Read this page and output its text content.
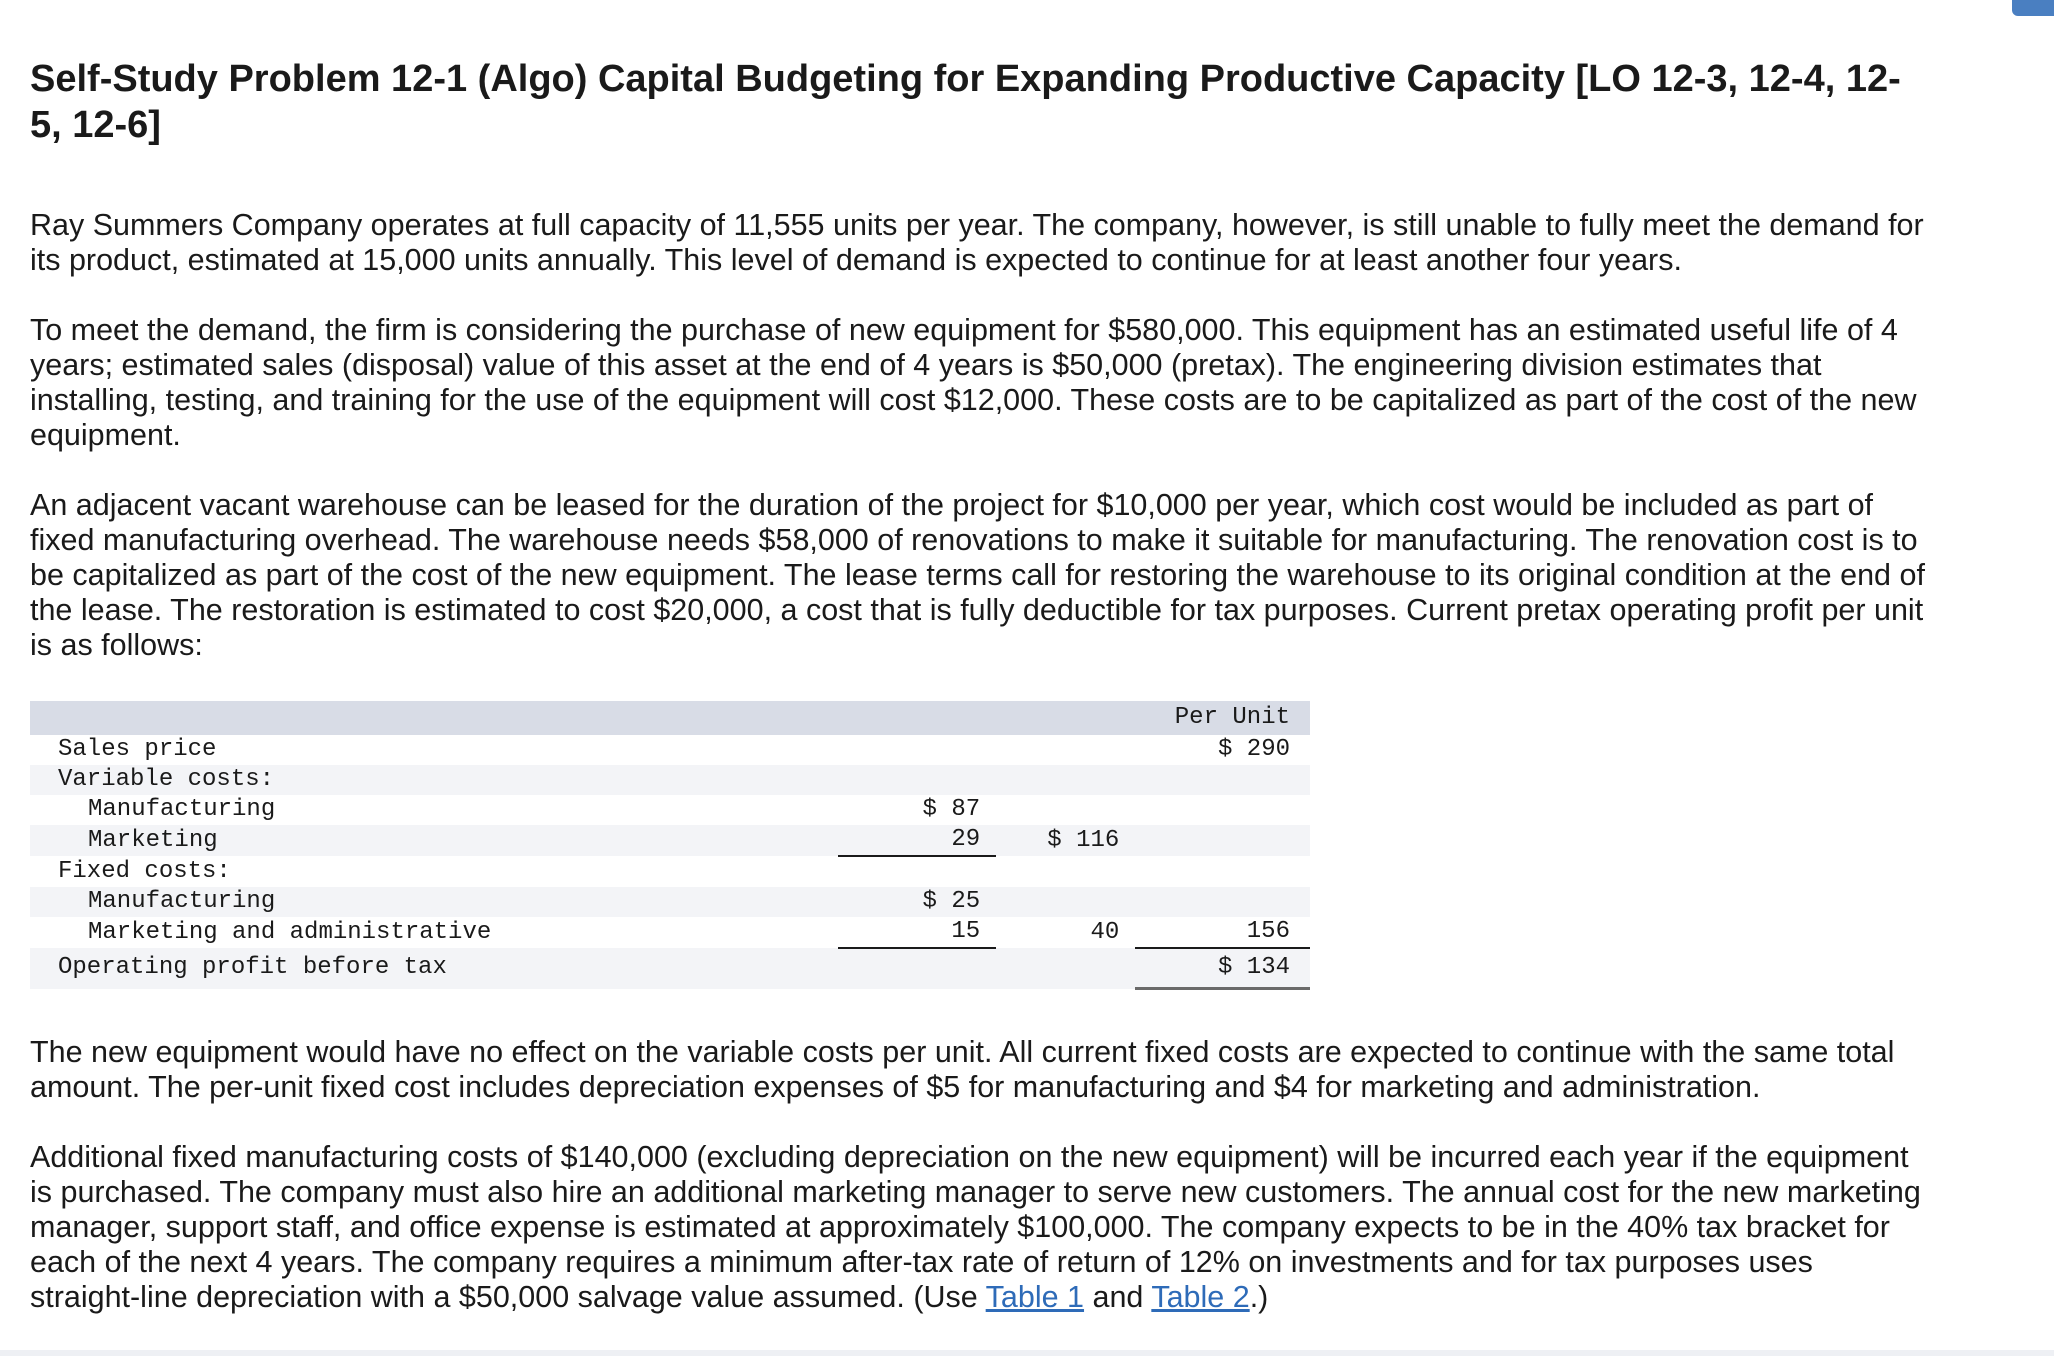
Self-Study Problem 12-1 (Algo) Capital Budgeting for Expanding Productive Capacity [LO 12-3, 12-4, 12-5, 12-6]

Ray Summers Company operates at full capacity of 11,555 units per year. The company, however, is still unable to fully meet the demand for its product, estimated at 15,000 units annually. This level of demand is expected to continue for at least another four years.

To meet the demand, the firm is considering the purchase of new equipment for $580,000. This equipment has an estimated useful life of 4 years; estimated sales (disposal) value of this asset at the end of 4 years is $50,000 (pretax). The engineering division estimates that installing, testing, and training for the use of the equipment will cost $12,000. These costs are to be capitalized as part of the cost of the new equipment.

An adjacent vacant warehouse can be leased for the duration of the project for $10,000 per year, which cost would be included as part of fixed manufacturing overhead. The warehouse needs $58,000 of renovations to make it suitable for manufacturing. The renovation cost is to be capitalized as part of the cost of the new equipment. The lease terms call for restoring the warehouse to its original condition at the end of the lease. The restoration is estimated to cost $20,000, a cost that is fully deductible for tax purposes. Current pretax operating profit per unit is as follows:

			Per Unit
Sales price			$ 290
Variable costs:			
Manufacturing	$ 87		
Marketing	29	$ 116	
Fixed costs:			
Manufacturing	$ 25		
Marketing and administrative	15	40	156
Operating profit before tax			$ 134

The new equipment would have no effect on the variable costs per unit. All current fixed costs are expected to continue with the same total amount. The per-unit fixed cost includes depreciation expenses of $5 for manufacturing and $4 for marketing and administration.

Additional fixed manufacturing costs of $140,000 (excluding depreciation on the new equipment) will be incurred each year if the equipment is purchased. The company must also hire an additional marketing manager to serve new customers. The annual cost for the new marketing manager, support staff, and office expense is estimated at approximately $100,000. The company expects to be in the 40% tax bracket for each of the next 4 years. The company requires a minimum after-tax rate of return of 12% on investments and for tax purposes uses straight-line depreciation with a $50,000 salvage value assumed. (Use Table 1 and Table 2.)
